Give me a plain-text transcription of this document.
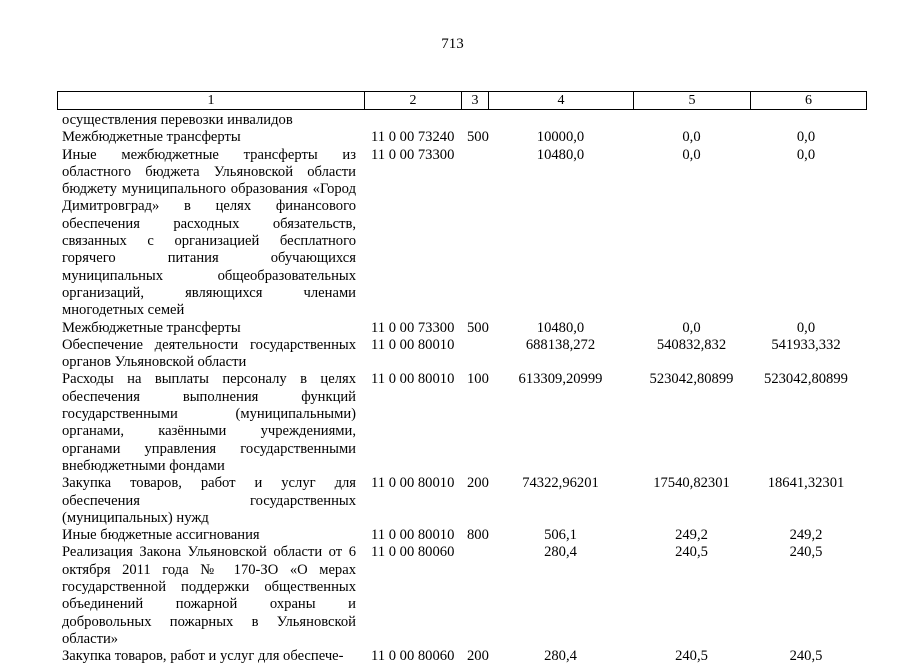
713
1	2	3	4	5	6
осуществления перевозки инвалидов					
Межбюджетные трансферты	11 0 00 73240	500	10000,0	0,0	0,0
Иные межбюджетные трансферты из областного бюджета Ульяновской области бюджету муниципального образования «Город Димитровград» в целях финансового обеспечения расходных обязательств, связанных с организацией бесплатного горячего питания обучающихся муниципальных общеобразовательных организаций, являющихся членами многодетных семей	11 0 00 73300		10480,0	0,0	0,0
Межбюджетные трансферты	11 0 00 73300	500	10480,0	0,0	0,0
Обеспечение деятельности государственных органов Ульяновской области	11 0 00 80010		688138,272	540832,832	541933,332
Расходы на выплаты персоналу в целях обеспечения выполнения функций государственными (муниципальными) органами, казёнными учреждениями, органами управления государственными внебюджетными фондами	11 0 00 80010	100	613309,20999	523042,80899	523042,80899
Закупка товаров, работ и услуг для обеспечения государственных (муниципальных) нужд	11 0 00 80010	200	74322,96201	17540,82301	18641,32301
Иные бюджетные ассигнования	11 0 00 80010	800	506,1	249,2	249,2
Реализация Закона Ульяновской области от 6 октября 2011 года № 170-ЗО «О мерах государственной поддержки общественных объединений пожарной охраны и добровольных пожарных в Ульяновской области»	11 0 00 80060		280,4	240,5	240,5
Закупка товаров, работ и услуг для обеспече-	11 0 00 80060	200	280,4	240,5	240,5
